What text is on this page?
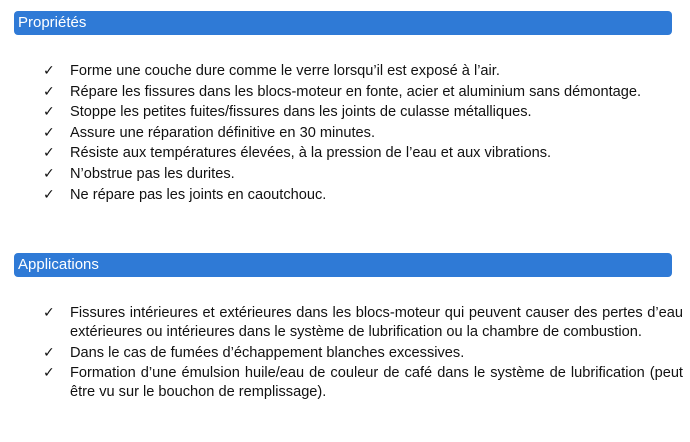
Propriétés
✓ Forme une couche dure comme le verre lorsqu’il est exposé à l’air.
✓ Répare les fissures dans les blocs-moteur en fonte, acier et aluminium sans démontage.
✓ Stoppe les petites fuites/fissures dans les joints de culasse métalliques.
✓ Assure une réparation définitive en 30 minutes.
✓ Résiste aux températures élevées, à la pression de l’eau et aux vibrations.
✓ N’obstrue pas les durites.
✓ Ne répare pas les joints en caoutchouc.
Applications
✓ Fissures intérieures et extérieures dans les blocs-moteur qui peuvent causer des pertes d’eau extérieures ou intérieures dans le système de lubrification ou la chambre de combustion.
✓ Dans le cas de fumées d’échappement blanches excessives.
✓ Formation d’une émulsion huile/eau de couleur de café dans le système de lubrification (peut être vu sur le bouchon de remplissage).
